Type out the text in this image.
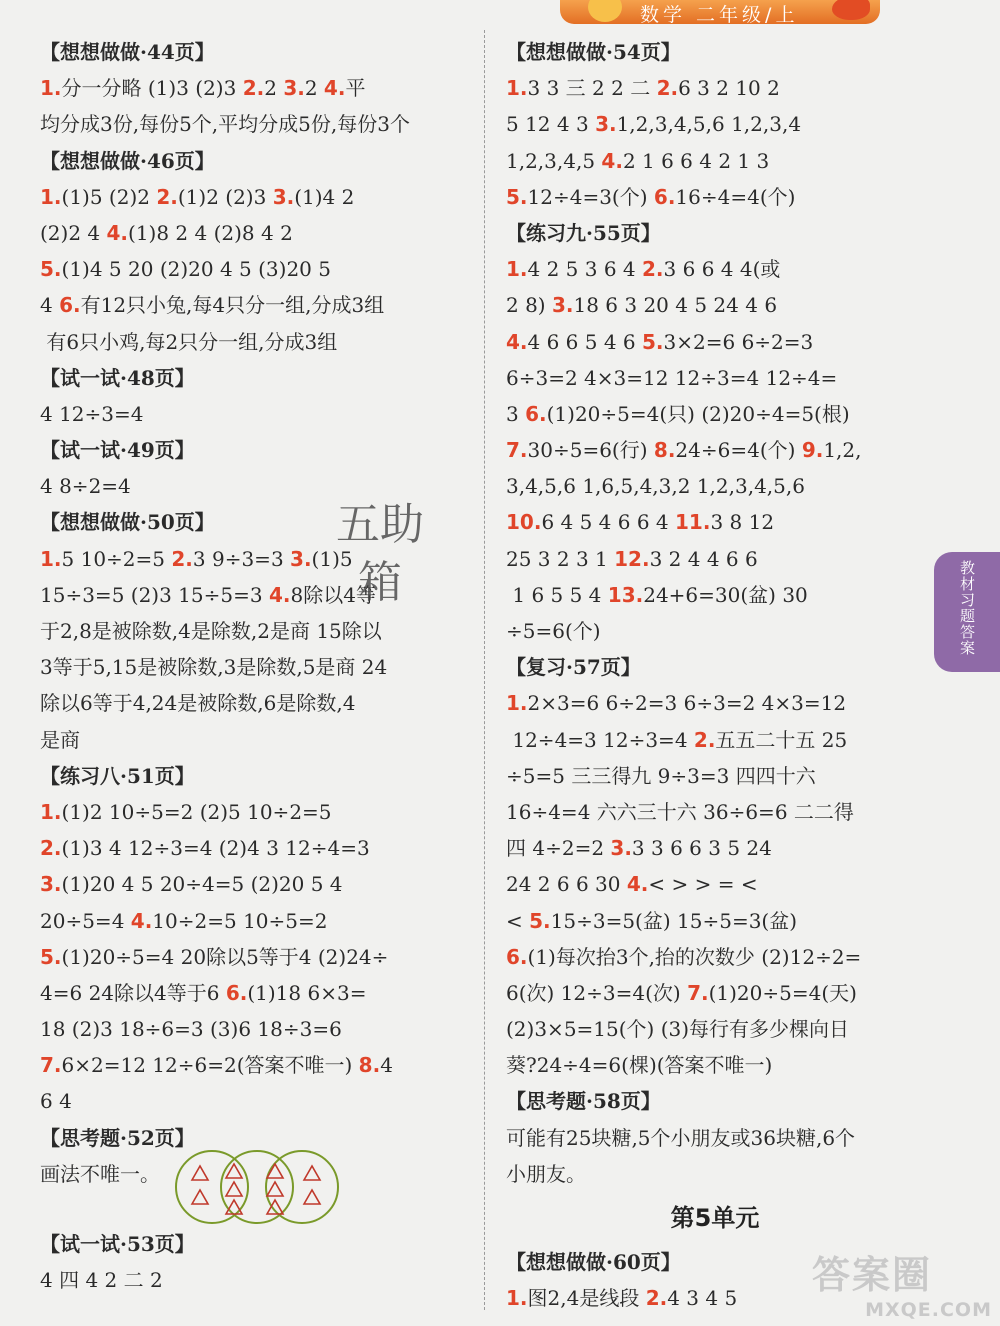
数学 二年级/上
【想想做做·44页】
1.分一分略 (1)3 (2)3 2.2 3.2 4.平
均分成3份,每份5个,平均分成5份,每份3个
【想想做做·46页】
1.(1)5 (2)2 2.(1)2 (2)3 3.(1)4 2
(2)2 4 4.(1)8 2 4 (2)8 4 2
5.(1)4 5 20 (2)20 4 5 (3)20 5
4 6.有12只小兔,每4只分一组,分成3组
有6只小鸡,每2只分一组,分成3组
【试一试·48页】
4 12÷3=4
【试一试·49页】
4 8÷2=4
【想想做做·50页】
1.5 10÷2=5 2.3 9÷3=3 3.(1)5
15÷3=5 (2)3 15÷5=3 4.8除以4等
于2,8是被除数,4是除数,2是商 15除以
3等于5,15是被除数,3是除数,5是商 24
除以6等于4,24是被除数,6是除数,4
是商
【练习八·51页】
1.(1)2 10÷5=2 (2)5 10÷2=5
2.(1)3 4 12÷3=4 (2)4 3 12÷4=3
3.(1)20 4 5 20÷4=5 (2)20 5 4
20÷5=4 4.10÷2=5 10÷5=2
5.(1)20÷5=4 20除以5等于4 (2)24÷
4=6 24除以4等于6 6.(1)18 6×3=
18 (2)3 18÷6=3 (3)6 18÷3=6
7.6×2=12 12÷6=2(答案不唯一) 8.4
6 4
【思考题·52页】
画法不唯一。
【试一试·53页】
4 四 4 2 二 2
【想想做做·54页】
1.3 3 三 2 2 二 2.6 3 2 10 2
5 12 4 3 3.1,2,3,4,5,6 1,2,3,4
1,2,3,4,5 4.2 1 6 6 4 2 1 3
5.12÷4=3(个) 6.16÷4=4(个)
【练习九·55页】
1.4 2 5 3 6 4 2.3 6 6 4 4(或
2 8) 3.18 6 3 20 4 5 24 4 6
4.4 6 6 5 4 6 5.3×2=6 6÷2=3
6÷3=2 4×3=12 12÷3=4 12÷4=
3 6.(1)20÷5=4(只) (2)20÷4=5(根)
7.30÷5=6(行) 8.24÷6=4(个) 9.1,2,
3,4,5,6 1,6,5,4,3,2 1,2,3,4,5,6
10.6 4 5 4 6 6 4 11.3 8 12
25 3 2 3 1 12.3 2 4 4 6 6
1 6 5 5 4 13.24+6=30(盆) 30
÷5=6(个)
【复习·57页】
1.2×3=6 6÷2=3 6÷3=2 4×3=12
12÷4=3 12÷3=4 2.五五二十五 25
÷5=5 三三得九 9÷3=3 四四十六
16÷4=4 六六三十六 36÷6=6 二二得
四 4÷2=2 3.3 3 6 6 3 5 24
24 2 6 6 30 4.< > > = <
< 5.15÷3=5(盆) 15÷5=3(盆)
6.(1)每次抬3个,抬的次数少 (2)12÷2=
6(次) 12÷3=4(次) 7.(1)20÷5=4(天)
(2)3×5=15(个) (3)每行有多少棵向日
葵?24÷4=6(棵)(答案不唯一)
【思考题·58页】
可能有25块糖,5个小朋友或36块糖,6个
小朋友。
第5单元
【想想做做·60页】
1.图2,4是线段 2.4 3 4 5
五助箱	教材习题答案
答案圈
MXQE.COM
